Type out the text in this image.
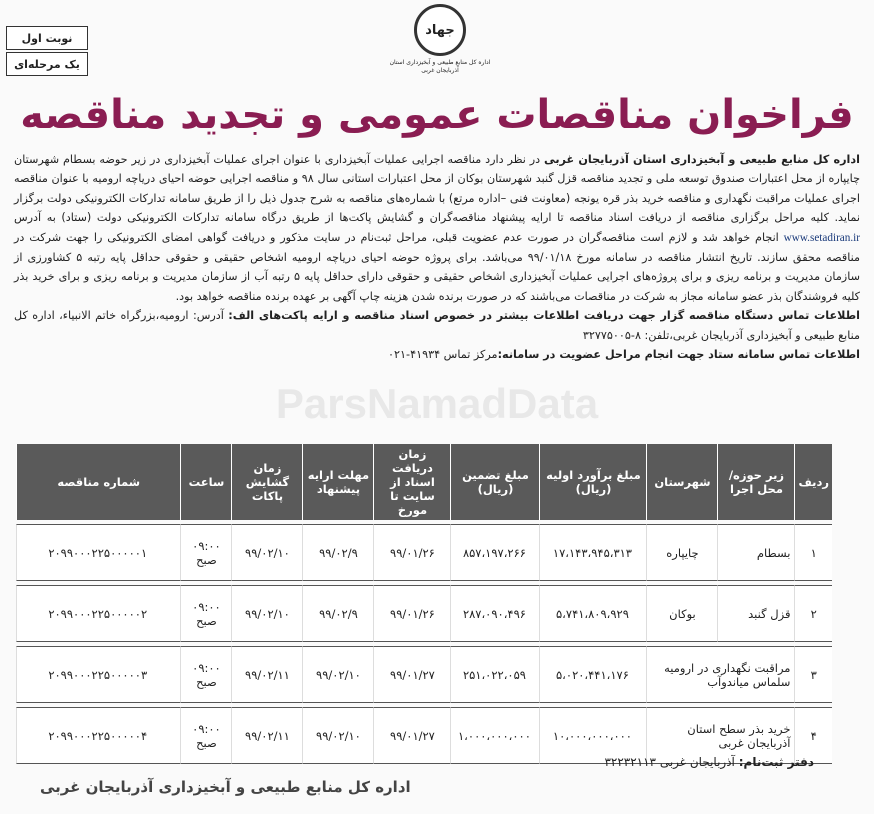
نوبت اول
یک مرحله‌ای
جهاد
اداره کل منابع طبیعی و آبخیزداری استان آذربایجان غربی
ParsNamadData
فراخوان مناقصات عمومی و تجدید مناقصه

اداره کل منابع طبیعی و آبخیزداری استان آذربایجان غربی در نظر دارد مناقصه اجرایی عملیات آبخیزداری با عنوان اجرای عملیات آبخیزداری در زیر حوضه بسطام شهرستان چایپاره از محل اعتبارات صندوق توسعه ملی و تجدید مناقصه قزل گنبد شهرستان بوکان از محل اعتبارات استانی سال ۹۸ و مناقصه اجرایی حوضه احیای دریاچه ارومیه با عنوان مناقصه اجرای عملیات مراقبت نگهداری و مناقصه خرید بذر قره یونجه (معاونت فنی –اداره مرتع) با شماره‌های مناقصه به شرح جدول ذیل را از طریق سامانه تدارکات الکترونیکی دولت برگزار نماید. کلیه مراحل برگزاری مناقصه از دریافت اسناد مناقصه تا ارایه پیشنهاد مناقصه‌گران و گشایش پاکت‌ها از طریق درگاه سامانه تدارکات الکترونیکی دولت (ستاد) به آدرس www.setadiran.ir انجام خواهد شد و لازم است مناقصه‌گران در صورت عدم عضویت قبلی، مراحل ثبت‌نام در سایت مذکور و دریافت گواهی امضای الکترونیکی را جهت شرکت در مناقصه محقق سازند. تاریخ انتشار مناقصه در سامانه مورخ ۹۹/۰۱/۱۸ می‌باشد. برای پروژه حوضه احیای دریاچه ارومیه اشخاص حقیقی و حقوقی حداقل پایه رتبه ۵ کشاورزی از سازمان مدیریت و برنامه ریزی و برای پروژه‌های اجرایی عملیات آبخیزداری اشخاص حقیقی و حقوقی دارای حداقل پایه ۵ رتبه آب از سازمان مدیریت و برنامه ریزی و برای خرید بذر کلیه فروشندگان بذر عضو سامانه مجاز به شرکت در مناقصات می‌باشند که در صورت برنده شدن هزینه چاپ آگهی بر عهده برنده مناقصه خواهد بود.

اطلاعات تماس دستگاه مناقصه گزار جهت دریافت اطلاعات بیشتر در خصوص اسناد مناقصه و ارایه پاکت‌های الف: آدرس: ارومیه،بزرگراه خاتم الانبیاء، اداره کل منابع طبیعی و آبخیزداری آذربایجان غربی،تلفن: ۸-۳۲۷۷۵۰۰۵

اطلاعات تماس سامانه ستاد جهت انجام مراحل عضویت در سامانه:مرکز تماس ۴۱۹۳۴-۰۲۱

ردیف	زیر حوزه/ محل اجرا	شهرستان	مبلغ برآورد اولیه (ریال)	مبلغ تضمین (ریال)	زمان دریافت اسناد از سایت تا مورخ	مهلت ارایه پیشنهاد	زمان گشایش پاکات	ساعت	شماره مناقصه
۱	بسطام	چایپاره	۱۷،۱۴۳،۹۴۵،۳۱۳	۸۵۷،۱۹۷،۲۶۶	۹۹/۰۱/۲۶	۹۹/۰۲/۹	۹۹/۰۲/۱۰	۰۹:۰۰ صبح	۲۰۹۹۰۰۰۲۲۵۰۰۰۰۰۱
۲	قزل گنبد	بوکان	۵،۷۴۱،۸۰۹،۹۲۹	۲۸۷،۰۹۰،۴۹۶	۹۹/۰۱/۲۶	۹۹/۰۲/۹	۹۹/۰۲/۱۰	۰۹:۰۰ صبح	۲۰۹۹۰۰۰۲۲۵۰۰۰۰۰۲
۳	مراقبت نگهداری در ارومیه سلماس میاندوآب		۵،۰۲۰،۴۴۱،۱۷۶	۲۵۱،۰۲۲،۰۵۹	۹۹/۰۱/۲۷	۹۹/۰۲/۱۰	۹۹/۰۲/۱۱	۰۹:۰۰ صبح	۲۰۹۹۰۰۰۲۲۵۰۰۰۰۰۳
۴	خرید بذر سطح استان آذربایجان غربی		۱۰،۰۰۰،۰۰۰،۰۰۰	۱،۰۰۰،۰۰۰،۰۰۰	۹۹/۰۱/۲۷	۹۹/۰۲/۱۰	۹۹/۰۲/۱۱	۰۹:۰۰ صبح	۲۰۹۹۰۰۰۲۲۵۰۰۰۰۰۴
دفتر ثبت‌نام: آذربایجان غربی ۳۲۲۳۲۱۱۳
اداره کل منابع طبیعی و آبخیزداری آذربایجان غربی
